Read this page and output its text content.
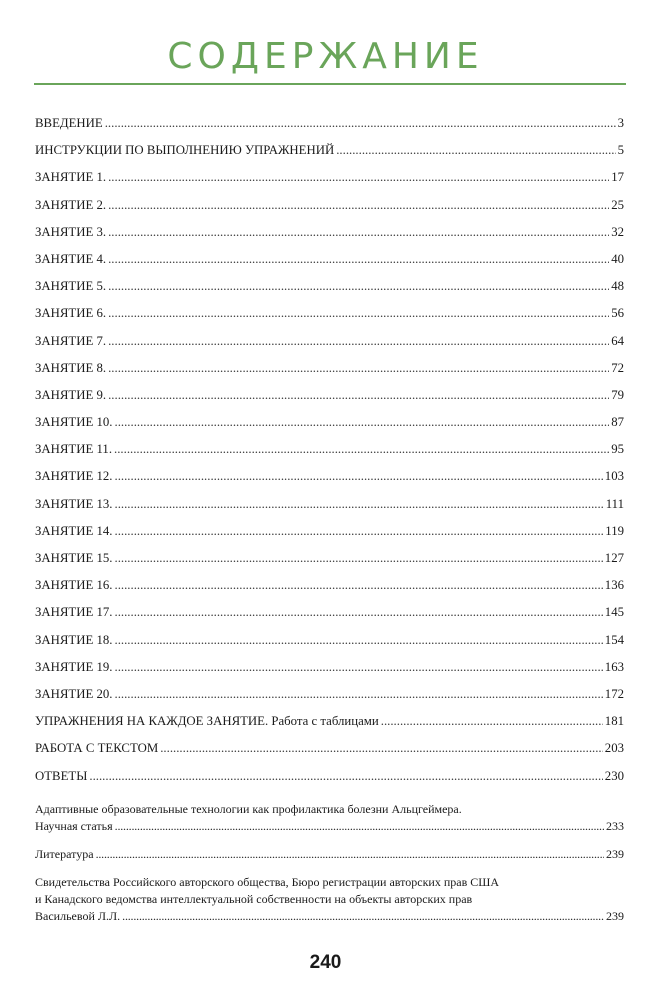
СОДЕРЖАНИЕ
ВВЕДЕНИЕ . . .	3
ИНСТРУКЦИИ ПО ВЫПОЛНЕНИЮ УПРАЖНЕНИЙ . . .	5
ЗАНЯТИЕ 1. . . .	17
ЗАНЯТИЕ 2. . . .	25
ЗАНЯТИЕ 3. . . .	32
ЗАНЯТИЕ 4. . . .	40
ЗАНЯТИЕ 5. . . .	48
ЗАНЯТИЕ 6. . . .	56
ЗАНЯТИЕ 7. . . .	64
ЗАНЯТИЕ 8. . . .	72
ЗАНЯТИЕ 9. . . .	79
ЗАНЯТИЕ 10. . . .	87
ЗАНЯТИЕ 11. . . .	95
ЗАНЯТИЕ 12. . . .	103
ЗАНЯТИЕ 13. . . .	111
ЗАНЯТИЕ 14. . . .	119
ЗАНЯТИЕ 15. . . .	127
ЗАНЯТИЕ 16. . . .	136
ЗАНЯТИЕ 17. . . .	145
ЗАНЯТИЕ 18. . . .	154
ЗАНЯТИЕ 19. . . .	163
ЗАНЯТИЕ 20. . . .	172
УПРАЖНЕНИЯ НА КАЖДОЕ ЗАНЯТИЕ. Работа с таблицами . . .	181
РАБОТА С ТЕКСТОМ . . .	203
ОТВЕТЫ . . .	230
Адаптивные образовательные технологии как профилактика болезни Альцгеймера.
Научная статья . . .	233
Литература . . .	239
Свидетельства Российского авторского общества, Бюро регистрации авторских прав США
и Канадского ведомства интеллектуальной собственности на объекты авторских прав
Васильевой Л.Л. . . .	239
240
